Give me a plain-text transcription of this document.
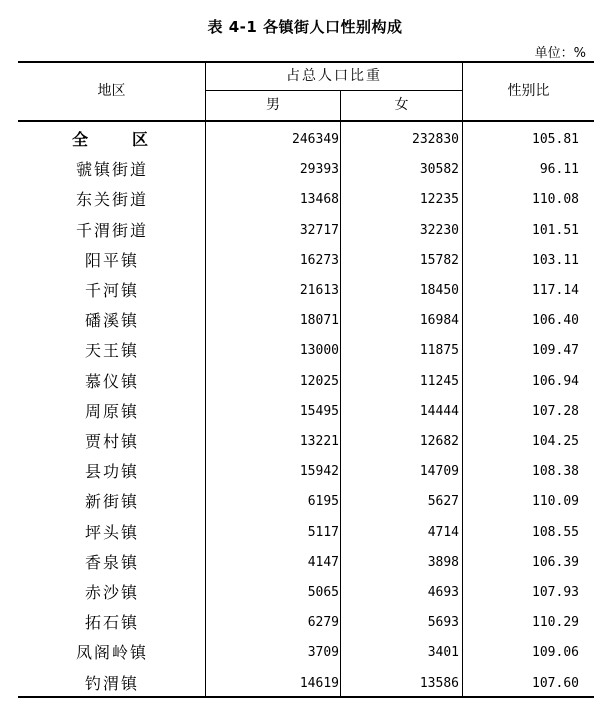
表 4-1 各镇街人口性别构成
单位：%
地区
占总人口比重
男	女
性别比
全　区	246349	232830	105.81
虢镇街道	29393	30582	96.11
东关街道	13468	12235	110.08
千渭街道	32717	32230	101.51
阳平镇	16273	15782	103.11
千河镇	21613	18450	117.14
磻溪镇	18071	16984	106.40
天王镇	13000	11875	109.47
慕仪镇	12025	11245	106.94
周原镇	15495	14444	107.28
贾村镇	13221	12682	104.25
县功镇	15942	14709	108.38
新街镇	6195	5627	110.09
坪头镇	5117	4714	108.55
香泉镇	4147	3898	106.39
赤沙镇	5065	4693	107.93
拓石镇	6279	5693	110.29
凤阁岭镇	3709	3401	109.06
钓渭镇	14619	13586	107.60
